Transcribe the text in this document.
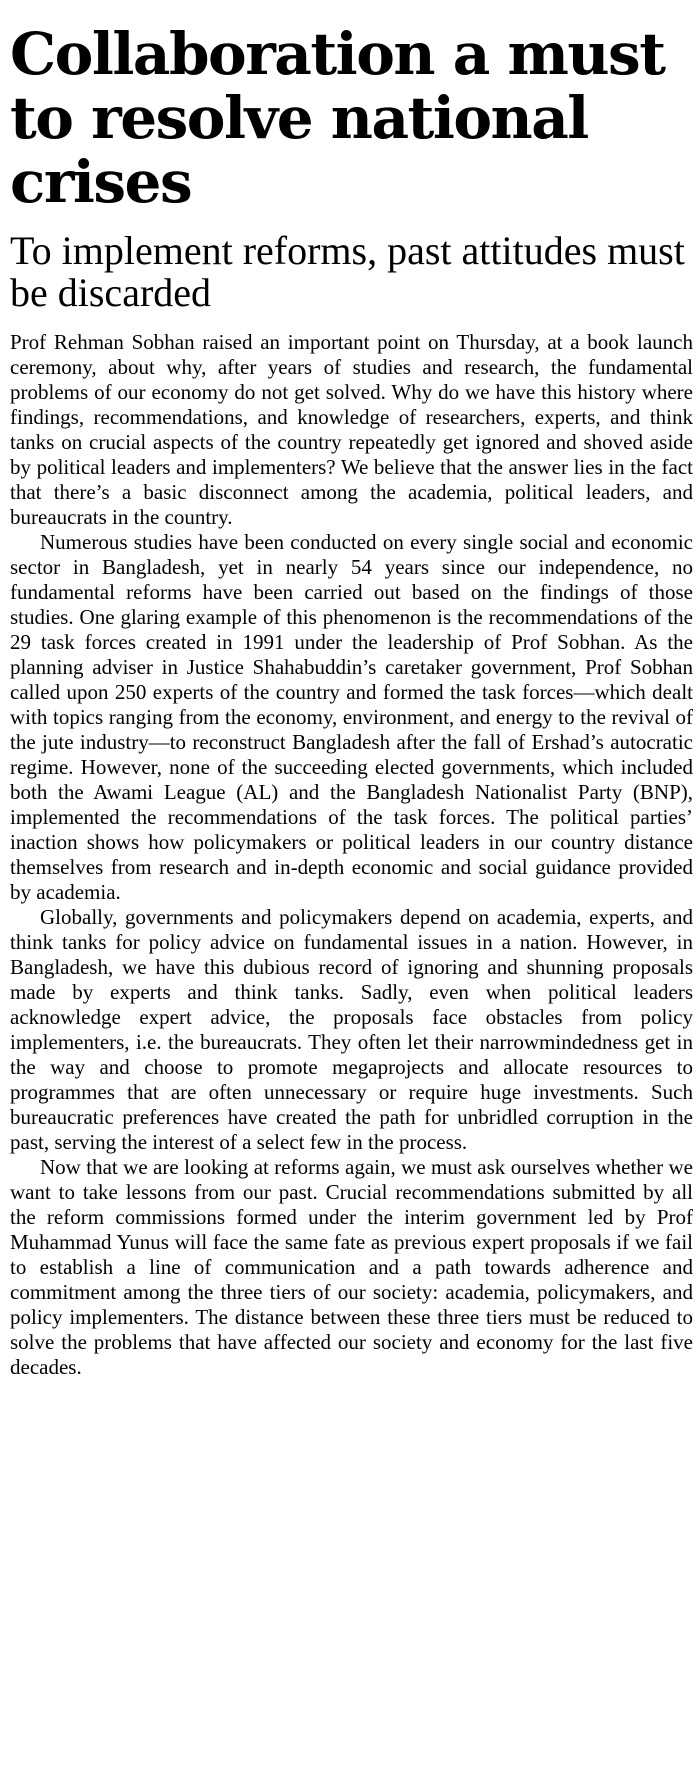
Collaboration a must to resolve national crises
To implement reforms, past attitudes must be discarded

Prof Rehman Sobhan raised an important point on Thursday, at a book launch ceremony, about why, after years of studies and research, the fundamental problems of our economy do not get solved. Why do we have this history where findings, recommendations, and knowledge of researchers, experts, and think tanks on crucial aspects of the country repeatedly get ignored and shoved aside by political leaders and implementers? We believe that the answer lies in the fact that there’s a basic disconnect among the academia, political leaders, and bureaucrats in the country.

Numerous studies have been conducted on every single social and economic sector in Bangladesh, yet in nearly 54 years since our independence, no fundamental reforms have been carried out based on the findings of those studies. One glaring example of this phenomenon is the recommendations of the 29 task forces created in 1991 under the leadership of Prof Sobhan. As the planning adviser in Justice Shahabuddin’s caretaker government, Prof Sobhan called upon 250 experts of the country and formed the task forces—which dealt with topics ranging from the economy, environment, and energy to the revival of the jute industry—to reconstruct Bangladesh after the fall of Ershad’s autocratic regime. However, none of the succeeding elected governments, which included both the Awami League (AL) and the Bangladesh Nationalist Party (BNP), implemented the recommendations of the task forces. The political parties’ inaction shows how policymakers or political leaders in our country distance themselves from research and in-depth economic and social guidance provided by academia.

Globally, governments and policymakers depend on academia, experts, and think tanks for policy advice on fundamental issues in a nation. However, in Bangladesh, we have this dubious record of ignoring and shunning proposals made by experts and think tanks. Sadly, even when political leaders acknowledge expert advice, the proposals face obstacles from policy implementers, i.e. the bureaucrats. They often let their narrowmindedness get in the way and choose to promote megaprojects and allocate resources to programmes that are often unnecessary or require huge investments. Such bureaucratic preferences have created the path for unbridled corruption in the past, serving the interest of a select few in the process.

Now that we are looking at reforms again, we must ask ourselves whether we want to take lessons from our past. Crucial recommendations submitted by all the reform commissions formed under the interim government led by Prof Muhammad Yunus will face the same fate as previous expert proposals if we fail to establish a line of communication and a path towards adherence and commitment among the three tiers of our society: academia, policymakers, and policy implementers. The distance between these three tiers must be reduced to solve the problems that have affected our society and economy for the last five decades.
